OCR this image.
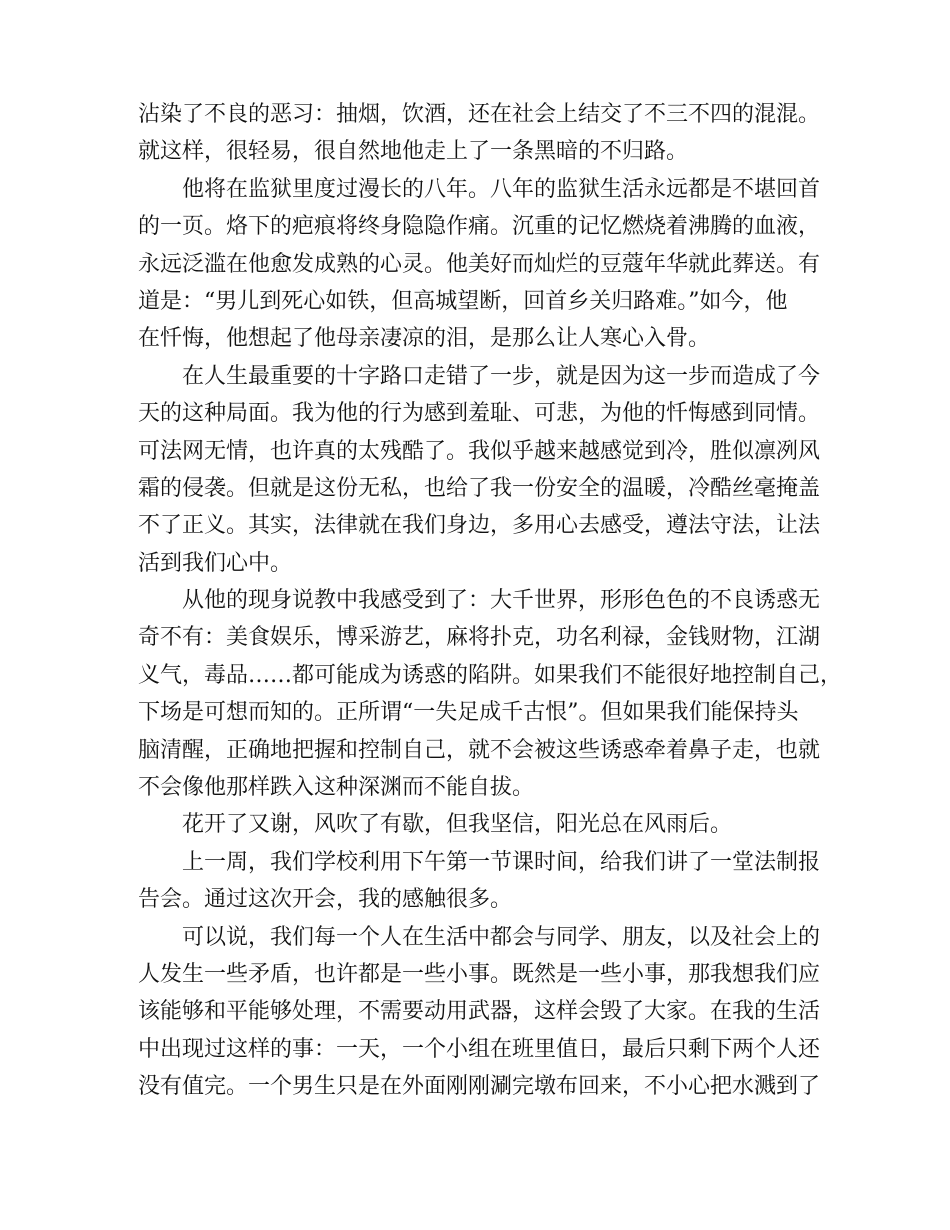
沾染了不良的恶习：抽烟，饮酒，还在社会上结交了不三不四的混混。
就这样，很轻易，很自然地他走上了一条黑暗的不归路。
　　他将在监狱里度过漫长的八年。八年的监狱生活永远都是不堪回首
的一页。烙下的疤痕将终身隐隐作痛。沉重的记忆燃烧着沸腾的血液，
永远泛滥在他愈发成熟的心灵。他美好而灿烂的豆蔻年华就此葬送。有
道是：“男儿到死心如铁，但高城望断，回首乡关归路难。”如今，他
在忏悔，他想起了他母亲凄凉的泪，是那么让人寒心入骨。
　　在人生最重要的十字路口走错了一步，就是因为这一步而造成了今
天的这种局面。我为他的行为感到羞耻、可悲，为他的忏悔感到同情。
可法网无情，也许真的太残酷了。我似乎越来越感觉到冷，胜似凛冽风
霜的侵袭。但就是这份无私，也给了我一份安全的温暖，冷酷丝毫掩盖
不了正义。其实，法律就在我们身边，多用心去感受，遵法守法，让法
活到我们心中。
　　从他的现身说教中我感受到了：大千世界，形形色色的不良诱惑无
奇不有：美食娱乐，博采游艺，麻将扑克，功名利禄，金钱财物，江湖
义气，毒品……都可能成为诱惑的陷阱。如果我们不能很好地控制自己，
下场是可想而知的。正所谓“一失足成千古恨”。但如果我们能保持头
脑清醒，正确地把握和控制自己，就不会被这些诱惑牵着鼻子走，也就
不会像他那样跌入这种深渊而不能自拔。
　　花开了又谢，风吹了有歇，但我坚信，阳光总在风雨后。
　　上一周，我们学校利用下午第一节课时间，给我们讲了一堂法制报
告会。通过这次开会，我的感触很多。
　　可以说，我们每一个人在生活中都会与同学、朋友，以及社会上的
人发生一些矛盾，也许都是一些小事。既然是一些小事，那我想我们应
该能够和平能够处理，不需要动用武器，这样会毁了大家。在我的生活
中出现过这样的事：一天，一个小组在班里值日，最后只剩下两个人还
没有值完。一个男生只是在外面刚刚涮完墩布回来，不小心把水溅到了
